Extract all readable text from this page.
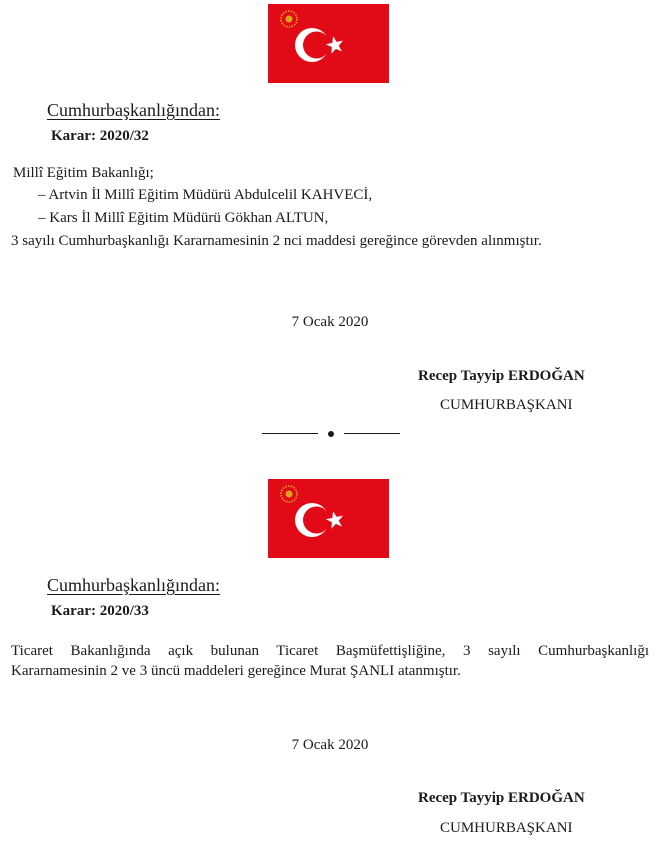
Cumhurbaşkanlığından:
Karar: 2020/32
Millî Eğitim Bakanlığı;
– Artvin İl Millî Eğitim Müdürü Abdulcelil KAHVECİ,
– Kars İl Millî Eğitim Müdürü Gökhan ALTUN,
3 sayılı Cumhurbaşkanlığı Kararnamesinin 2 nci maddesi gereğince görevden alınmıştır.
7 Ocak 2020
Recep Tayyip ERDOĞAN
CUMHURBAŞKANI
Cumhurbaşkanlığından:
Karar: 2020/33
Ticaret Bakanlığında açık bulunan Ticaret Başmüfettişliğine, 3 sayılı Cumhurbaşkanlığı
Kararnamesinin 2 ve 3 üncü maddeleri gereğince Murat ŞANLI atanmıştır.
7 Ocak 2020
Recep Tayyip ERDOĞAN
CUMHURBAŞKANI
